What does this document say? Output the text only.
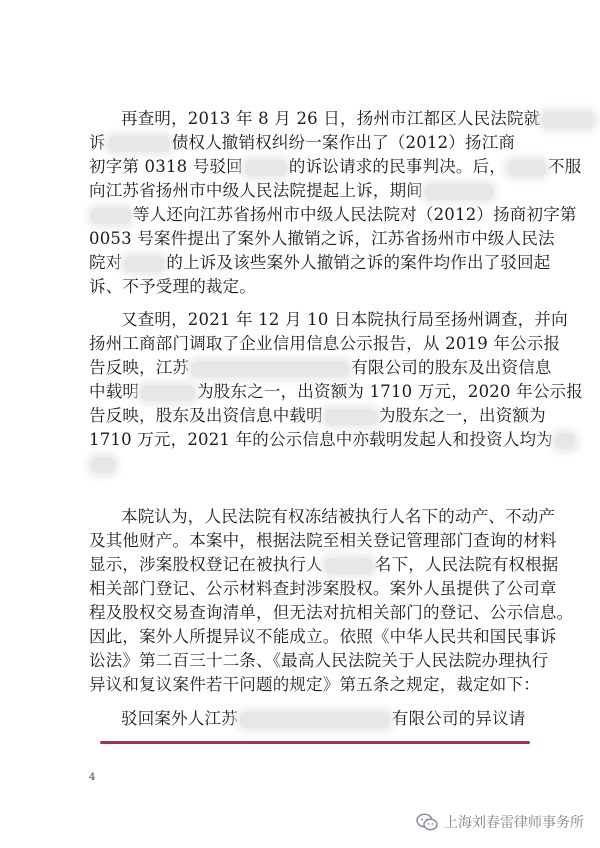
再查明，2013 年 8 月 26 日，扬州市江都区人民法院就
诉	债权人撤销权纠纷一案作出了（2012）扬江商
初字第 0318 号驳回	的诉讼请求的民事判决。后，	不服
向江苏省扬州市中级人民法院提起上诉，期间
等人还向江苏省扬州市中级人民法院对（2012）扬商初字第
0053 号案件提出了案外人撤销之诉，江苏省扬州市中级人民法
院对	的上诉及该些案外人撤销之诉的案件均作出了驳回起
诉、不予受理的裁定。
又查明，2021 年 12 月 10 日本院执行局至扬州调查，并向
扬州工商部门调取了企业信用信息公示报告，从 2019 年公示报
告反映，江苏	有限公司的股东及出资信息
中载明	为股东之一，出资额为 1710 万元，2020 年公示报
告反映，股东及出资信息中载明	为股东之一，出资额为
1710 万元，2021 年的公示信息中亦载明发起人和投资人均为
本院认为，人民法院有权冻结被执行人名下的动产、不动产
及其他财产。本案中，根据法院至相关登记管理部门查询的材料
显示，涉案股权登记在被执行人	名下，人民法院有权根据
相关部门登记、公示材料查封涉案股权。案外人虽提供了公司章
程及股权交易查询清单，但无法对抗相关部门的登记、公示信息。
因此，案外人所提异议不能成立。依照《中华人民共和国民事诉
讼法》第二百三十二条、《最高人民法院关于人民法院办理执行
异议和复议案件若干问题的规定》第五条之规定，裁定如下：
驳回案外人江苏	有限公司的异议请
4
上海刘春雷律师事务所
